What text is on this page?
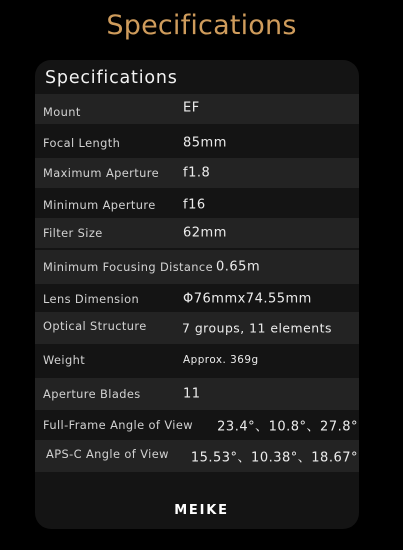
Specifications
Specifications
Mount	EF
Focal Length	85mm
Maximum Aperture f1.8
Minimum Aperture f16
Filter Size	62mm
Minimum Focusing Distance 0.65m
Lens Dimension	Φ76mmx74.55mm
Optical Structure	7 groups, 11 elements
Weight	Approx. 369g
Aperture Blades	11
Full-Frame Angle of View 23.4°、10.8°、27.8°
APS-C Angle of View 15.53°、10.38°、18.67°
MEIKE
